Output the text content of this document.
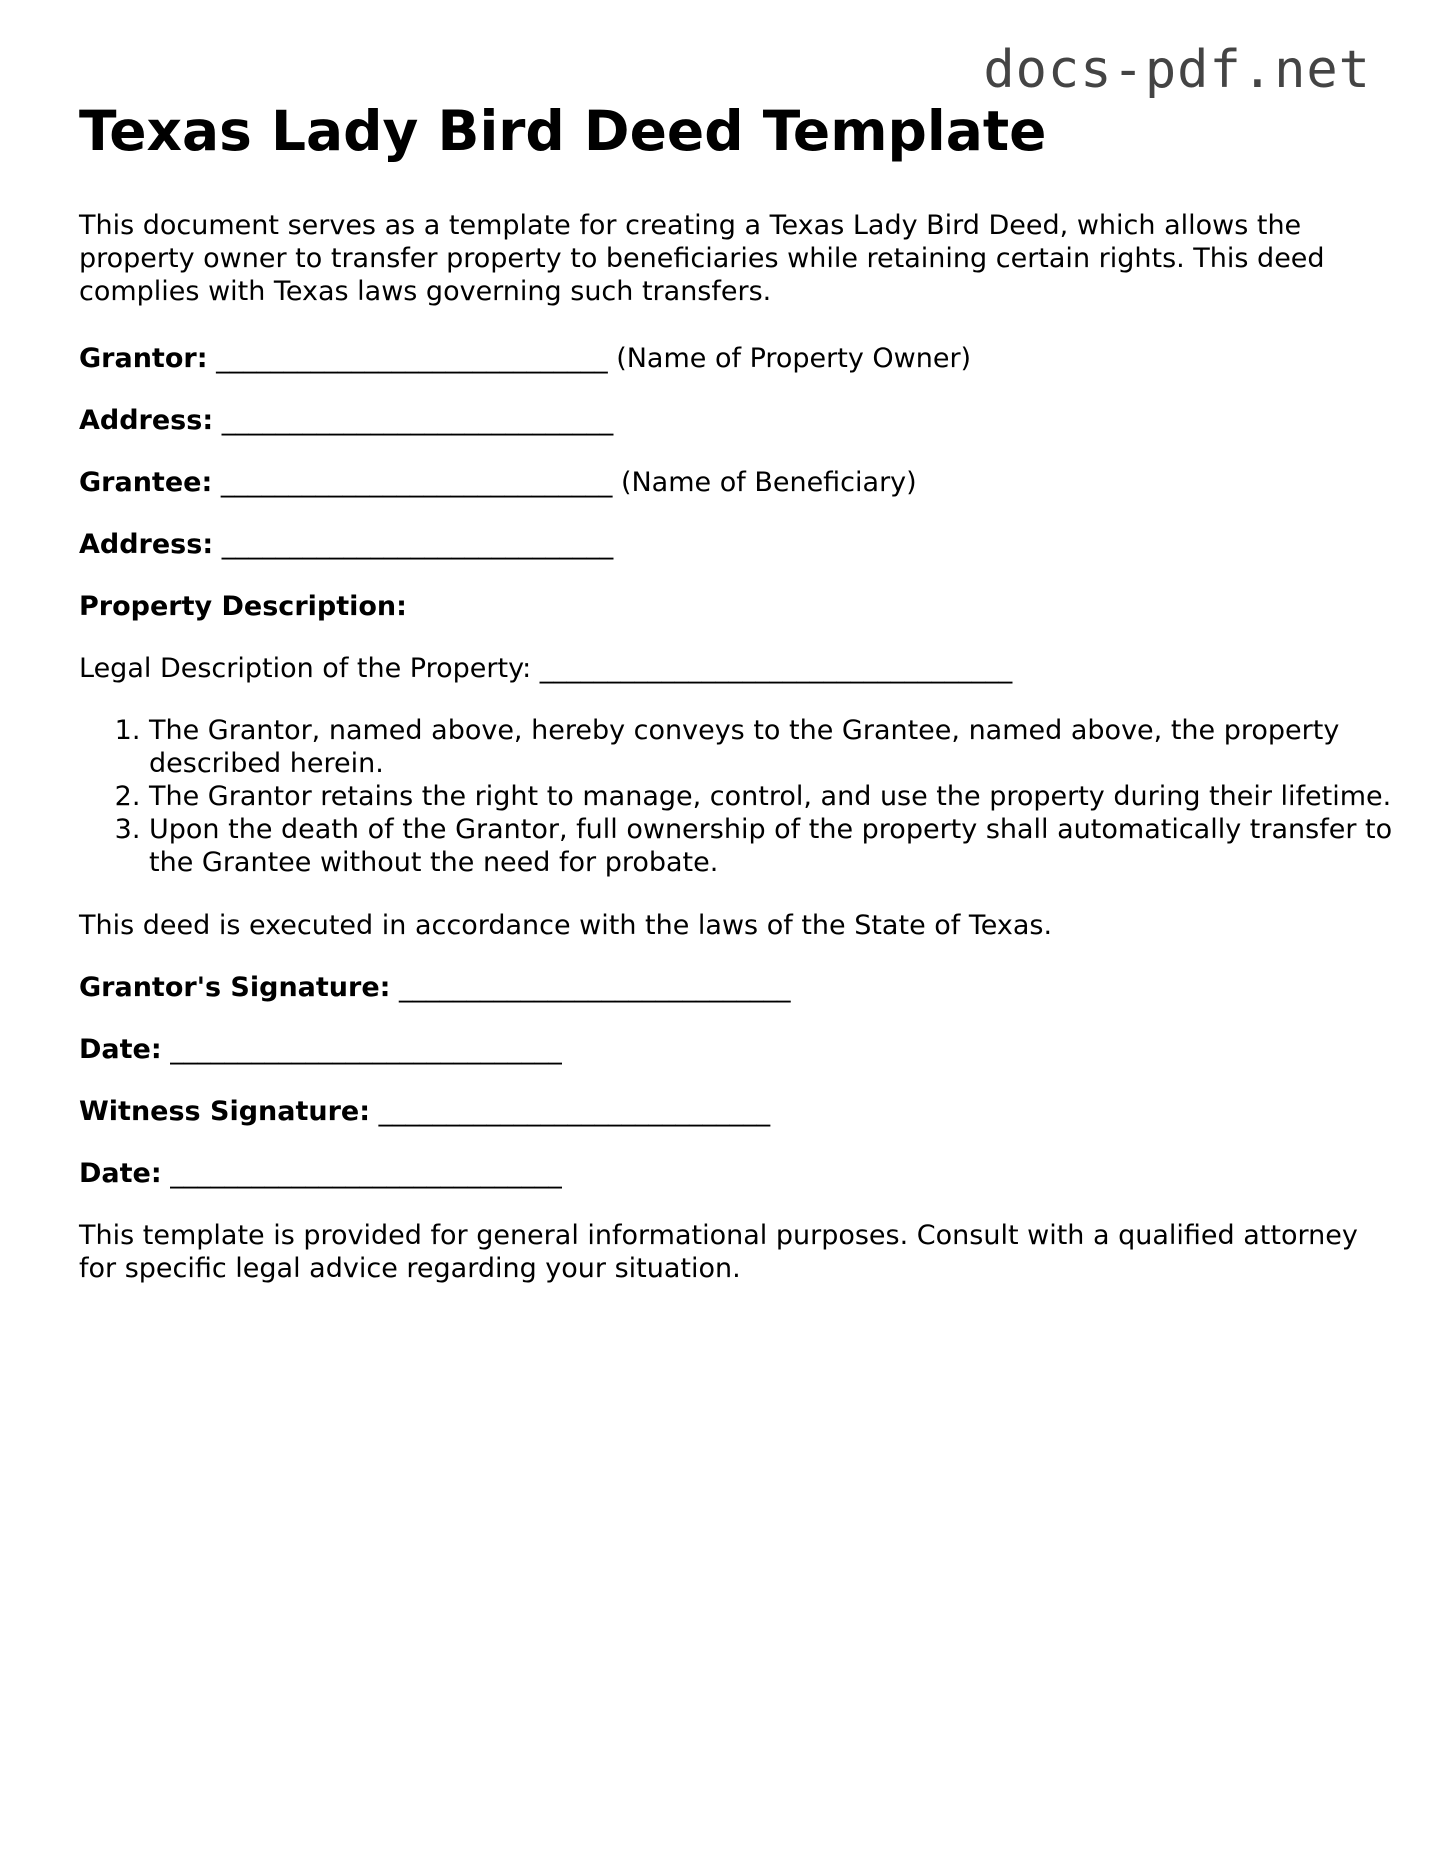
docs-pdf.net
Texas Lady Bird Deed Template

This document serves as a template for creating a Texas Lady Bird Deed, which allows the property owner to transfer property to beneficiaries while retaining certain rights. This deed complies with Texas laws governing such transfers.

Grantor: _____________________________ (Name of Property Owner)
Address: _____________________________
Grantee: _____________________________ (Name of Beneficiary)
Address: _____________________________
Property Description:
Legal Description of the Property: ___________________________________
1. The Grantor, named above, hereby conveys to the Grantee, named above, the property described herein.
2. The Grantor retains the right to manage, control, and use the property during their lifetime.
3. Upon the death of the Grantor, full ownership of the property shall automatically transfer to the Grantee without the need for probate.

This deed is executed in accordance with the laws of the State of Texas.

Grantor's Signature: _____________________________
Date: _____________________________
Witness Signature: _____________________________
Date: _____________________________

This template is provided for general informational purposes. Consult with a qualified attorney for specific legal advice regarding your situation.
